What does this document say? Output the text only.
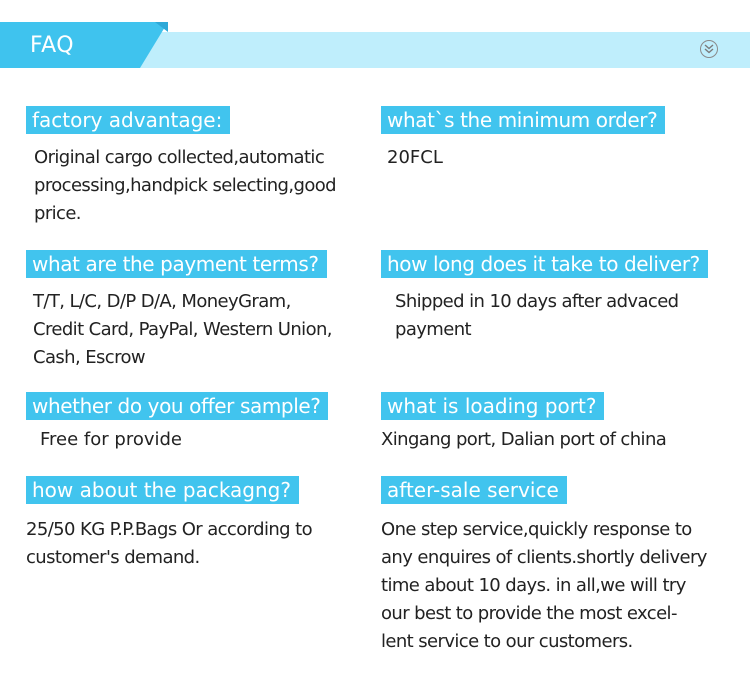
FAQ
factory advantage:
Original cargo collected,automatic
processing,handpick selecting,good
price.
what`s the minimum order?
20FCL
what are the payment terms?
T/T, L/C, D/P D/A, MoneyGram,
Credit Card, PayPal, Western Union,
Cash, Escrow
how long does it take to deliver?
Shipped in 10 days after advaced
payment
whether do you offer sample?
Free for provide
what is loading port?
Xingang port, Dalian port of china
how about the packagng?
25/50 KG P.P.Bags Or according to
customer's demand.
after-sale service
One step service,quickly response to
any enquires of clients.shortly delivery
time about 10 days. in all,we will try
our best to provide the most excel-
lent service to our customers.
